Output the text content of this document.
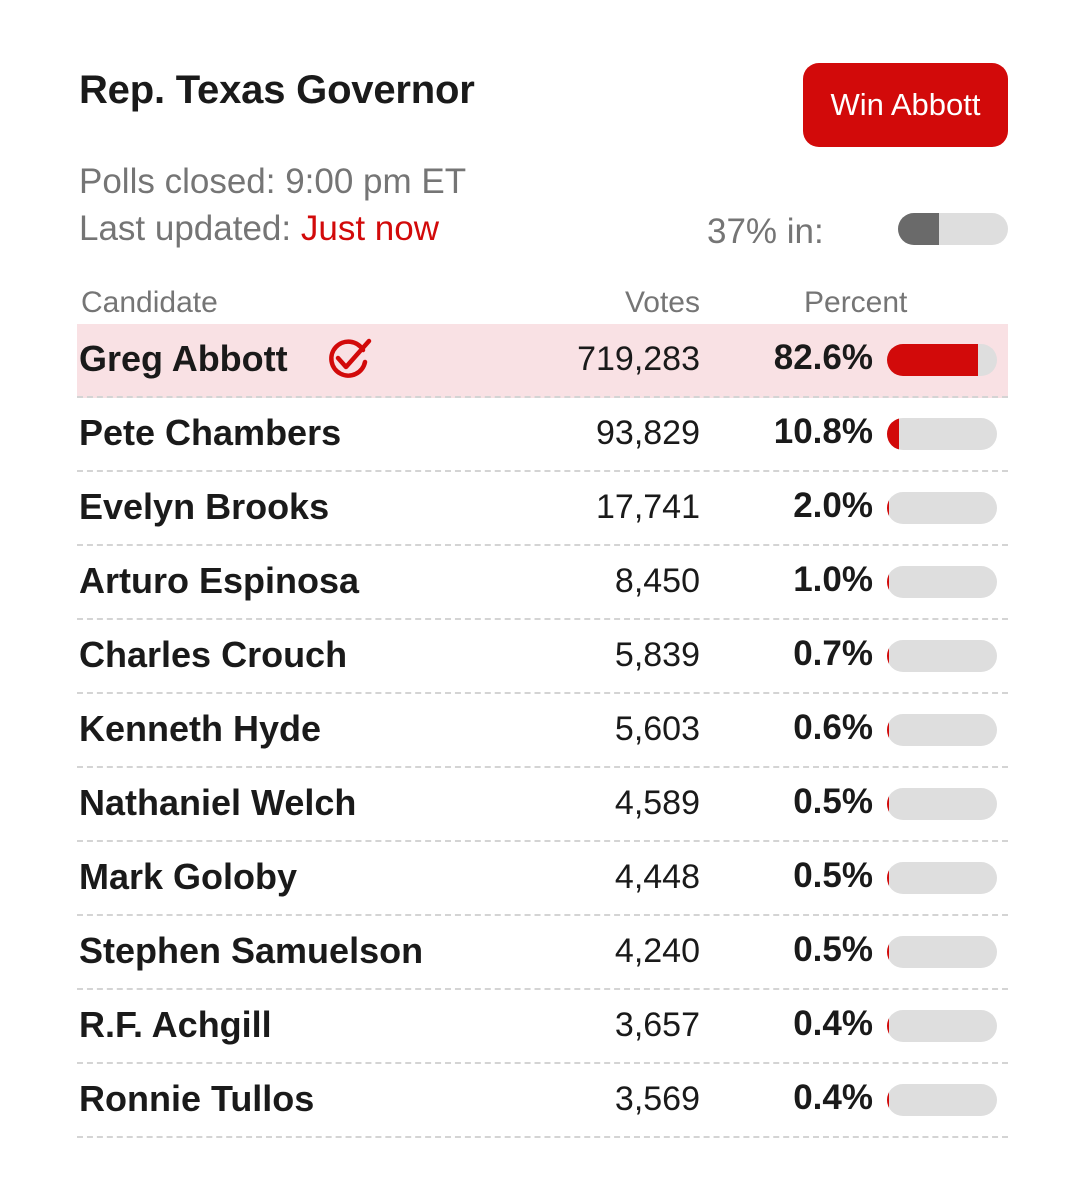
Rep. Texas Governor	Win Abbott
Polls closed: 9:00 pm ET
Last updated: Just now	37% in:
Candidate	Votes	Percent
Greg Abbott	719,283	82.6%
Pete Chambers	93,829	10.8%
Evelyn Brooks	17,741	2.0%
Arturo Espinosa	8,450	1.0%
Charles Crouch	5,839	0.7%
Kenneth Hyde	5,603	0.6%
Nathaniel Welch	4,589	0.5%
Mark Goloby	4,448	0.5%
Stephen Samuelson	4,240	0.5%
R.F. Achgill	3,657	0.4%
Ronnie Tullos	3,569	0.4%
